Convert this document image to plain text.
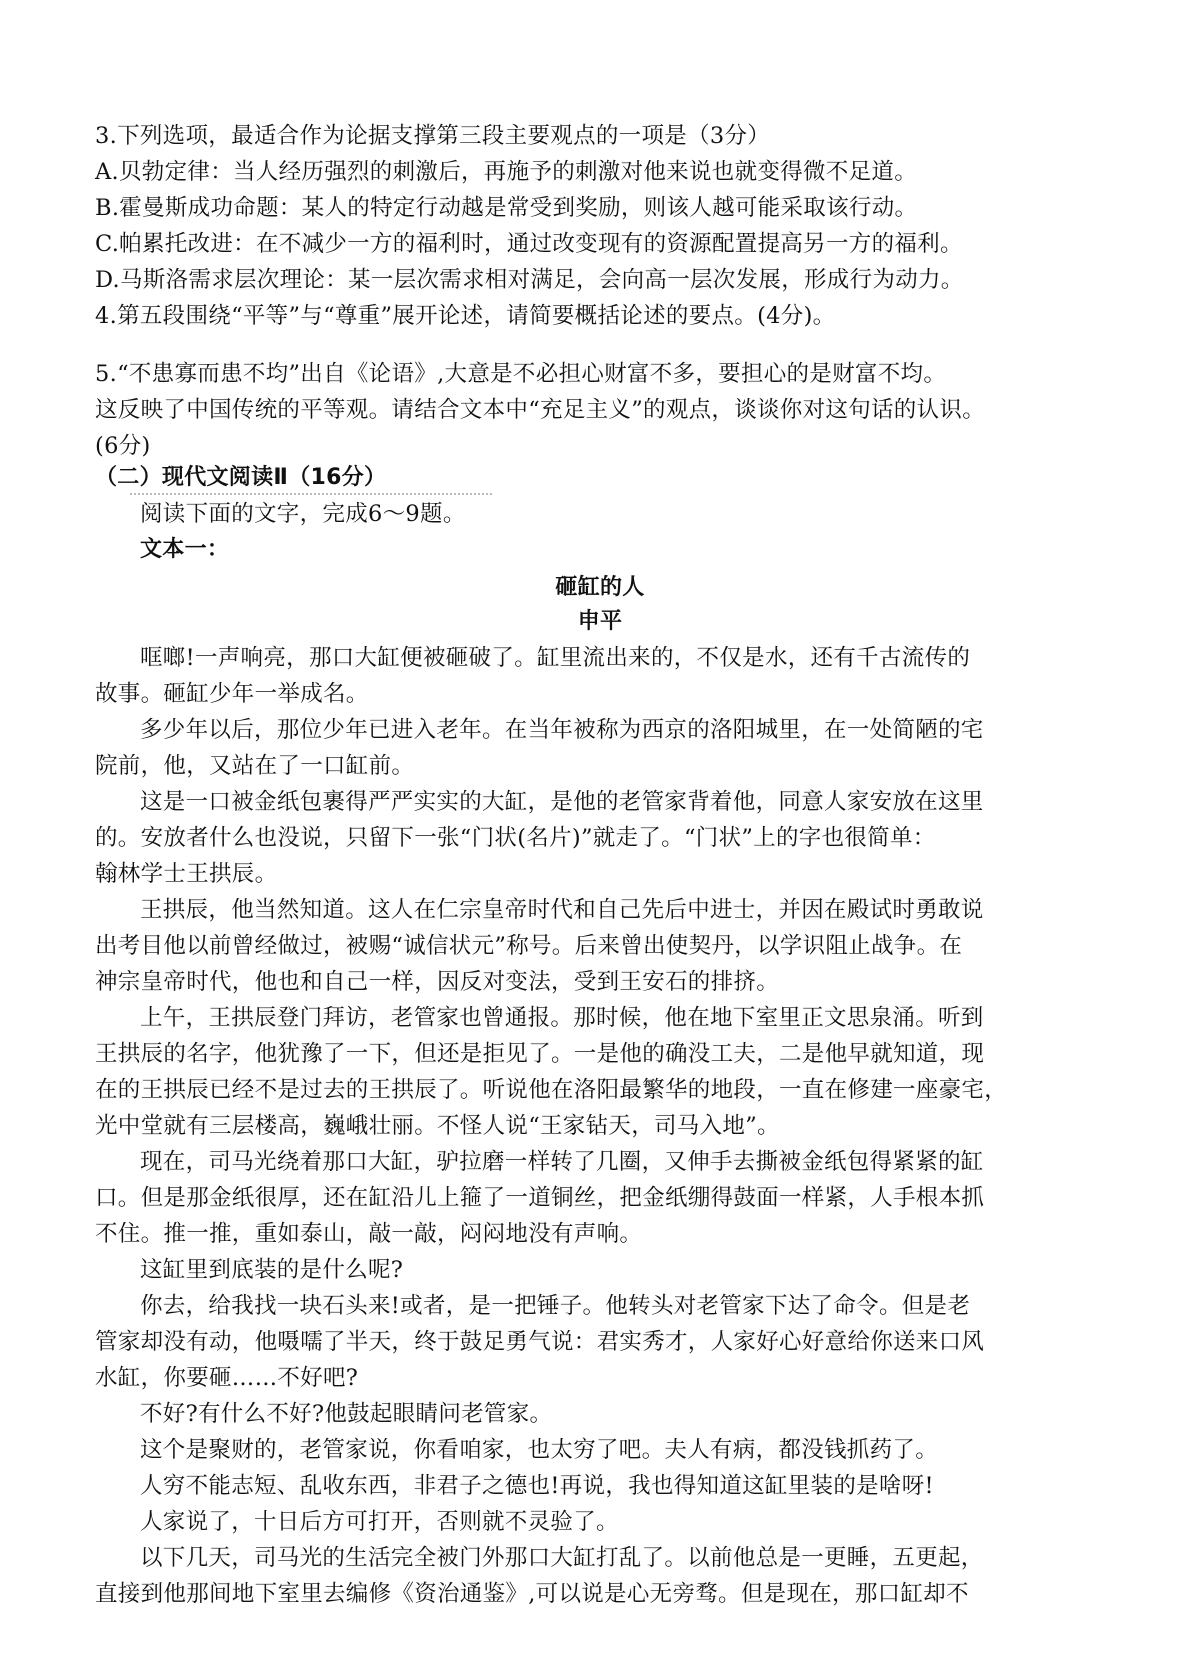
3.下列选项，最适合作为论据支撑第三段主要观点的一项是（3分）
A.贝勃定律：当人经历强烈的刺激后，再施予的刺激对他来说也就变得微不足道。
B.霍曼斯成功命题：某人的特定行动越是常受到奖励，则该人越可能采取该行动。
C.帕累托改进：在不减少一方的福利时，通过改变现有的资源配置提高另一方的福利。
D.马斯洛需求层次理论：某一层次需求相对满足，会向高一层次发展，形成行为动力。
4.第五段围绕“平等”与“尊重”展开论述，请简要概括论述的要点。(4分)。
5.“不患寡而患不均”出自《论语》,大意是不必担心财富不多，要担心的是财富不均。
这反映了中国传统的平等观。请结合文本中“充足主义”的观点，谈谈你对这句话的认识。
(6分)
（二）现代文阅读Ⅱ（16分）
阅读下面的文字，完成6～9题。
文本一：
砸缸的人
申平
哐啷!一声响亮，那口大缸便被砸破了。缸里流出来的，不仅是水，还有千古流传的
故事。砸缸少年一举成名。
多少年以后，那位少年已进入老年。在当年被称为西京的洛阳城里，在一处简陋的宅
院前，他，又站在了一口缸前。
这是一口被金纸包裹得严严实实的大缸，是他的老管家背着他，同意人家安放在这里
的。安放者什么也没说，只留下一张“门状(名片)”就走了。“门状”上的字也很简单：
翰林学士王拱辰。
王拱辰，他当然知道。这人在仁宗皇帝时代和自己先后中进士，并因在殿试时勇敢说
出考目他以前曾经做过，被赐“诚信状元”称号。后来曾出使契丹，以学识阻止战争。在
神宗皇帝时代，他也和自己一样，因反对变法，受到王安石的排挤。
上午，王拱辰登门拜访，老管家也曾通报。那时候，他在地下室里正文思泉涌。听到
王拱辰的名字，他犹豫了一下，但还是拒见了。一是他的确没工夫，二是他早就知道，现
在的王拱辰已经不是过去的王拱辰了。听说他在洛阳最繁华的地段，一直在修建一座豪宅，
光中堂就有三层楼高，巍峨壮丽。不怪人说“王家钻天，司马入地”。
现在，司马光绕着那口大缸，驴拉磨一样转了几圈，又伸手去撕被金纸包得紧紧的缸
口。但是那金纸很厚，还在缸沿儿上箍了一道铜丝，把金纸绷得鼓面一样紧，人手根本抓
不住。推一推，重如泰山，敲一敲，闷闷地没有声响。
这缸里到底装的是什么呢?
你去，给我找一块石头来!或者，是一把锤子。他转头对老管家下达了命令。但是老
管家却没有动，他嗫嚅了半天，终于鼓足勇气说：君实秀才，人家好心好意给你送来口风
水缸，你要砸……不好吧?
不好?有什么不好?他鼓起眼睛问老管家。
这个是聚财的，老管家说，你看咱家，也太穷了吧。夫人有病，都没钱抓药了。
人穷不能志短、乱收东西，非君子之德也!再说，我也得知道这缸里装的是啥呀!
人家说了，十日后方可打开，否则就不灵验了。
以下几天，司马光的生活完全被门外那口大缸打乱了。以前他总是一更睡，五更起，
直接到他那间地下室里去编修《资治通鉴》,可以说是心无旁骛。但是现在，那口缸却不
